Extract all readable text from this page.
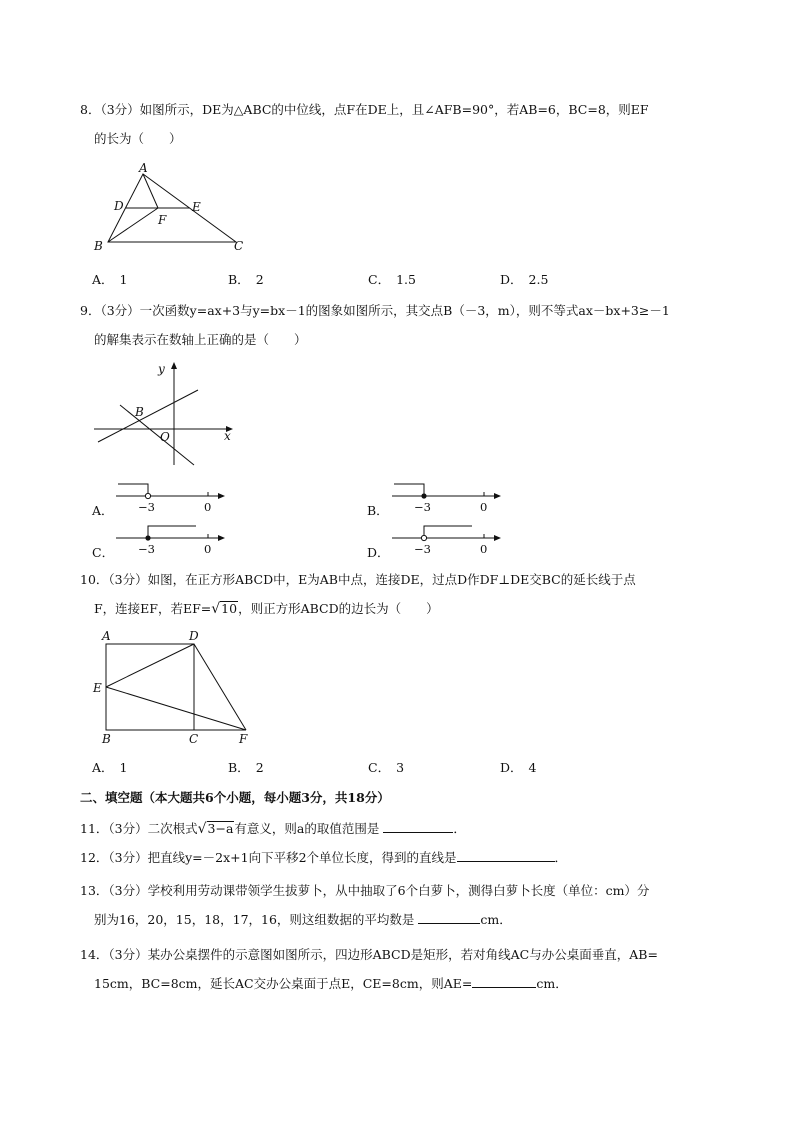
8．（3分）如图所示，DE为△ABC的中位线，点F在DE上，且∠AFB=90°，若AB=6，BC=8，则EF

的长为（　　）

A
D	E
F
B	C
A． 1	B． 2	C． 1.5	D． 2.5

9．（3分）一次函数y=ax+3与y=bx－1的图象如图所示，其交点B（－3，m），则不等式ax－bx+3≥－1

的解集表示在数轴上正确的是（　　）

y
x
B
O
A． −3	0	B． −3	0
C． −3	0	D． −3	0

10．（3分）如图，在正方形ABCD中，E为AB中点，连接DE，过点D作DF⊥DE交BC的延长线于点

F，连接EF，若EF=√10，则正方形ABCD的边长为（　　）

A	D
E
B	C	F
A． 1	B． 2	C． 3	D． 4
二、填空题（本大题共6个小题，每小题3分，共18分）

11．（3分）二次根式√3−a有意义，则a的取值范围是	．

12．（3分）把直线y=－2x+1向下平移2个单位长度，得到的直线是	．

13．（3分）学校利用劳动课带领学生拔萝卜，从中抽取了6个白萝卜，测得白萝卜长度（单位：cm）分

别为16，20，15，18，17，16，则这组数据的平均数是	cm．

14．（3分）某办公桌摆件的示意图如图所示，四边形ABCD是矩形，若对角线AC与办公桌面垂直，AB=

15cm，BC=8cm，延长AC交办公桌面于点E，CE=8cm，则AE=	cm．
